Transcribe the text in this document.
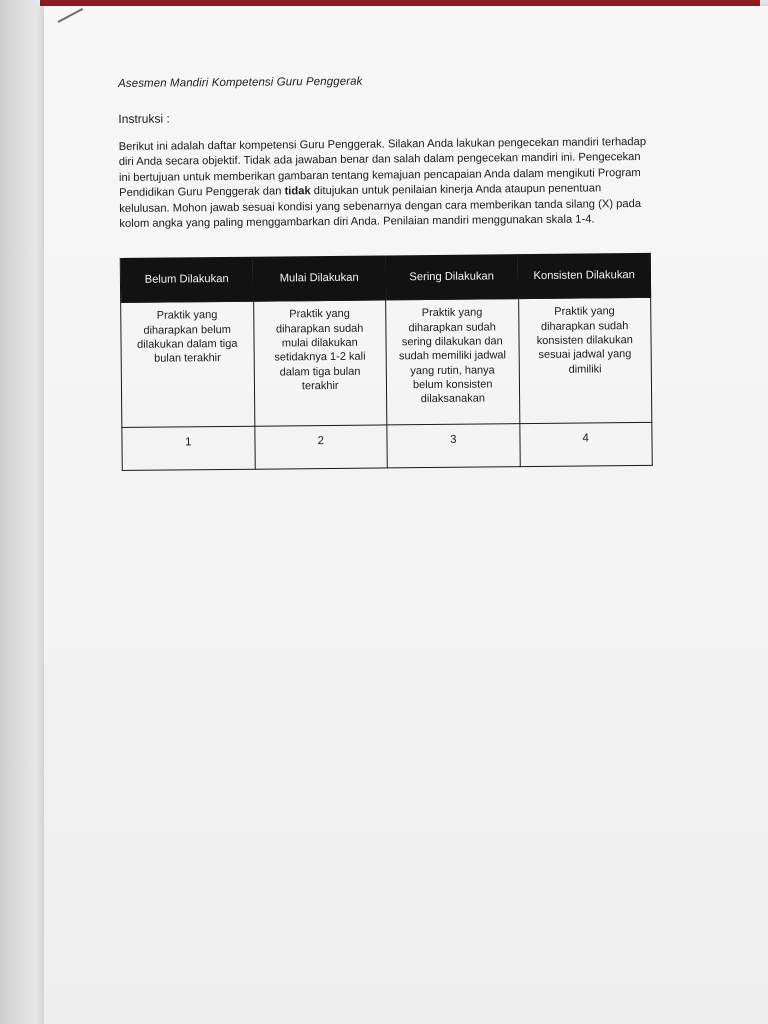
Asesmen Mandiri Kompetensi Guru Penggerak

Instruksi :

Berikut ini adalah daftar kompetensi Guru Penggerak. Silakan Anda lakukan pengecekan mandiri terhadap diri Anda secara objektif. Tidak ada jawaban benar dan salah dalam pengecekan mandiri ini. Pengecekan ini bertujuan untuk memberikan gambaran tentang kemajuan pencapaian Anda dalam mengikuti Program Pendidikan Guru Penggerak dan tidak ditujukan untuk penilaian kinerja Anda ataupun penentuan kelulusan. Mohon jawab sesuai kondisi yang sebenarnya dengan cara memberikan tanda silang (X) pada kolom angka yang paling menggambarkan diri Anda. Penilaian mandiri menggunakan skala 1-4.

Belum Dilakukan	Mulai Dilakukan	Sering Dilakukan	Konsisten Dilakukan
Praktik yang diharapkan belum dilakukan dalam tiga bulan terakhir	Praktik yang diharapkan sudah mulai dilakukan setidaknya 1-2 kali dalam tiga bulan terakhir	Praktik yang diharapkan sudah sering dilakukan dan sudah memiliki jadwal yang rutin, hanya belum konsisten dilaksanakan	Praktik yang diharapkan sudah konsisten dilakukan sesuai jadwal yang dimiliki
1	2	3	4
